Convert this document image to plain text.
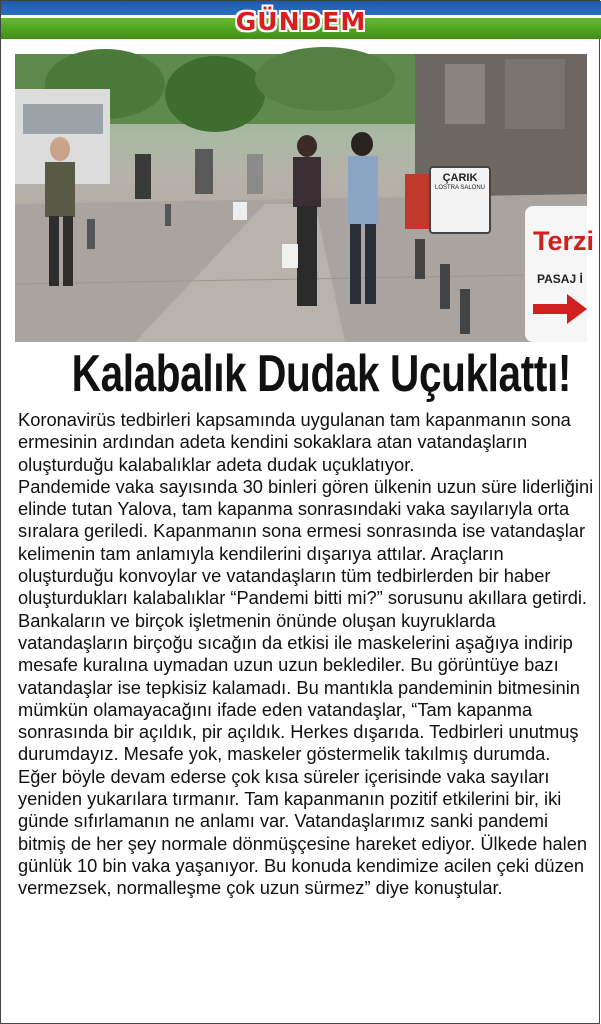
GÜNDEM
ÇARIK
LOSTRA SALONU
Terzi
PASAJ İ
Kalabalık Dudak Uçuklattı!

Koronavirüs tedbirleri kapsamında uygulanan tam kapanmanın sona ermesinin ardından adeta kendini sokaklara atan vatandaşların oluşturduğu kalabalıklar adeta dudak uçuklatıyor.

Pandemide vaka sayısında 30 binleri gören ülkenin uzun süre liderliğini elinde tutan Yalova, tam kapanma sonrasındaki vaka sayılarıyla orta sıralara geriledi. Kapanmanın sona ermesi sonrasında ise vatandaşlar kelimenin tam anlamıyla kendilerini dışarıya attılar. Araçların oluşturduğu konvoylar ve vatandaşların tüm tedbirlerden bir haber oluşturdukları kalabalıklar “Pandemi bitti mi?” sorusunu akıllara getirdi.

Bankaların ve birçok işletmenin önünde oluşan kuyruklarda vatandaşların birçoğu sıcağın da etkisi ile maskelerini aşağıya indirip mesafe kuralına uymadan uzun uzun beklediler. Bu görüntüye bazı vatandaşlar ise tepkisiz kalamadı. Bu mantıkla pandeminin bitmesinin mümkün olamayacağını ifade eden vatandaşlar, “Tam kapanma sonrasında bir açıldık, pir açıldık. Herkes dışarıda. Tedbirleri unutmuş durumdayız. Mesafe yok, maskeler göstermelik takılmış durumda. Eğer böyle devam ederse çok kısa süreler içerisinde vaka sayıları yeniden yukarılara tırmanır. Tam kapanmanın pozitif etkilerini bir, iki günde sıfırlamanın ne anlamı var. Vatandaşlarımız sanki pandemi bitmiş de her şey normale dönmüşçesine hareket ediyor. Ülkede halen günlük 10 bin vaka yaşanıyor. Bu konuda kendimize acilen çeki düzen vermezsek, normalleşme çok uzun sürmez” diye konuştular.
